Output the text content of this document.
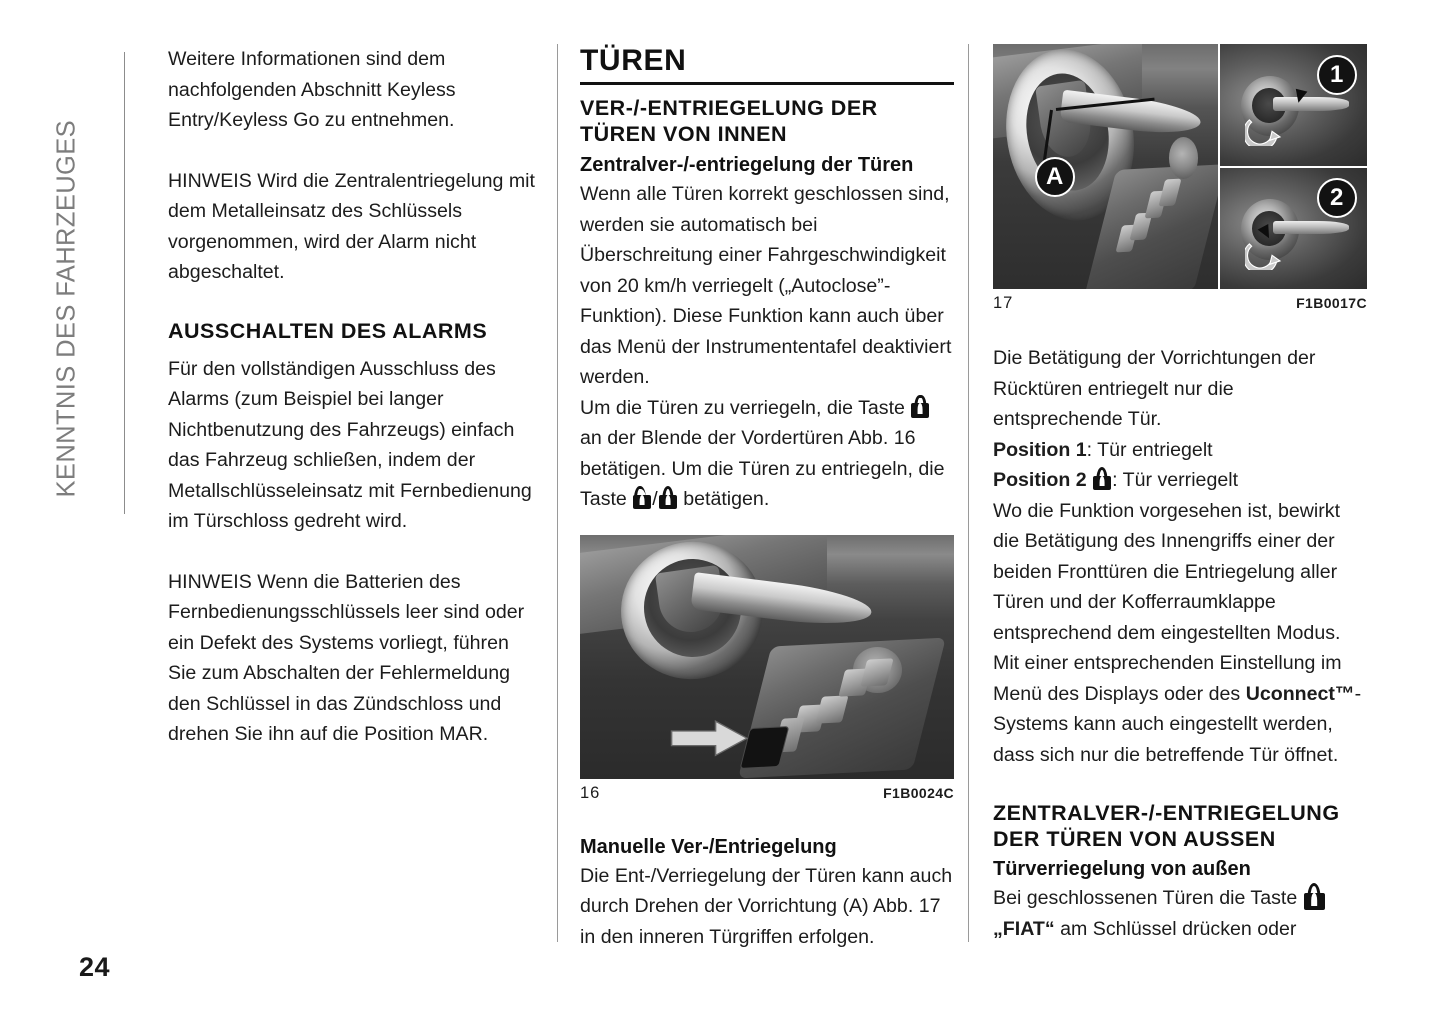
KENNTNIS DES FAHRZEUGES

Weitere Informationen sind dem nachfolgenden Abschnitt Keyless Entry/Keyless Go zu entnehmen.

HINWEIS Wird die Zentralentriegelung mit dem Metalleinsatz des Schlüssels vorgenommen, wird der Alarm nicht abgeschaltet.

AUSSCHALTEN DES ALARMS

Für den vollständigen Ausschluss des Alarms (zum Beispiel bei langer Nichtbenutzung des Fahrzeugs) einfach das Fahrzeug schließen, indem der Metallschlüsseleinsatz mit Fernbedienung im Türschloss gedreht wird.

HINWEIS Wenn die Batterien des Fernbedienungsschlüssels leer sind oder ein Defekt des Systems vorliegt, führen Sie zum Abschalten der Fehlermeldung den Schlüssel in das Zündschloss und drehen Sie ihn auf die Position MAR.

TÜREN
VER-/-ENTRIEGELUNG DER TÜREN VON INNEN
Zentralver-/-entriegelung der Türen

Wenn alle Türen korrekt geschlossen sind, werden sie automatisch bei Überschreitung einer Fahrgeschwindigkeit von 20 km/h verriegelt („Autoclose”-Funktion). Diese Funktion kann auch über das Menü der Instrumententafel deaktiviert werden.

Um die Türen zu verriegeln, die Taste
an der Blende der Vordertüren Abb. 16 betätigen. Um die Türen zu entriegeln, die Taste / betätigen.
16	F1B0024C
Manuelle Ver-/Entriegelung

Die Ent-/Verriegelung der Türen kann auch durch Drehen der Vorrichtung (A) Abb. 17 in den inneren Türgriffen erfolgen.

A
1
2
17	F1B0017C

Die Betätigung der Vorrichtungen der Rücktüren entriegelt nur die entsprechende Tür.

Position 1: Tür entriegelt
Position 2 : Tür verriegelt
Wo die Funktion vorgesehen ist, bewirkt die Betätigung des Innengriffs einer der beiden Fronttüren die Entriegelung aller Türen und der Kofferraumklappe entsprechend dem eingestellten Modus. Mit einer entsprechenden Einstellung im Menü des Displays oder des Uconnect™-Systems kann auch eingestellt werden, dass sich nur die betreffende Tür öffnet.
ZENTRALVER-/-ENTRIEGELUNG DER TÜREN VON AUSSEN
Türverriegelung von außen
Bei geschlossenen Türen die Taste
„FIAT“ am Schlüssel drücken oder
24
